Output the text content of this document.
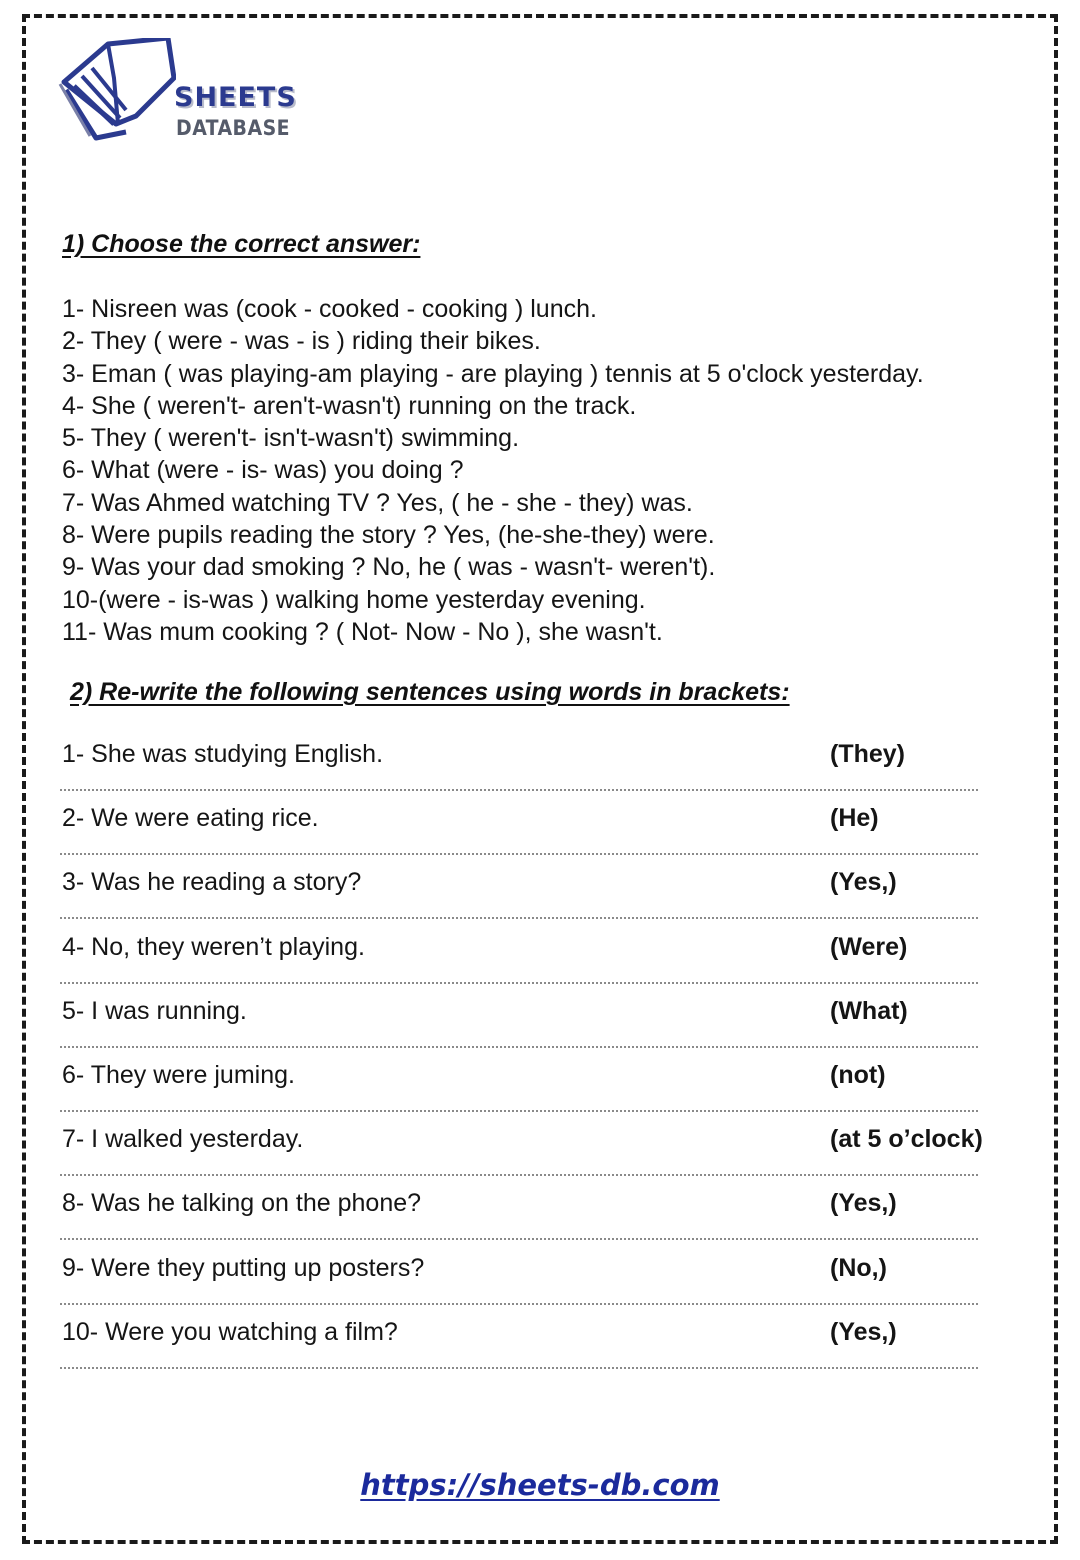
SHEETS
DATABASE
1) Choose the correct answer:
1- Nisreen was (cook - cooked - cooking ) lunch.
2- They ( were - was - is ) riding their bikes.
3- Eman ( was playing-am playing - are playing ) tennis at 5 o'clock yesterday.
4- She ( weren't- aren't-wasn't) running on the track.
5- They ( weren't- isn't-wasn't) swimming.
6- What (were - is- was) you doing ?
7- Was Ahmed watching TV ? Yes, ( he - she - they) was.
8- Were pupils reading the story ? Yes, (he-she-they) were.
9- Was your dad smoking ? No, he ( was - wasn't- weren't).
10-(were - is-was ) walking home yesterday evening.
11- Was mum cooking ? ( Not- Now - No ), she wasn't.
2) Re-write the following sentences using words in brackets:
1- She was studying English.	(They)
2- We were eating rice.	(He)
3- Was he reading a story?	(Yes,)
4- No, they weren’t playing.	(Were)
5- I was running.	(What)
6- They were juming.	(not)
7- I walked yesterday.	(at 5 o’clock)
8- Was he talking on the phone?	(Yes,)
9- Were they putting up posters?	(No,)
10- Were you watching a film?	(Yes,)
https://sheets-db.com
